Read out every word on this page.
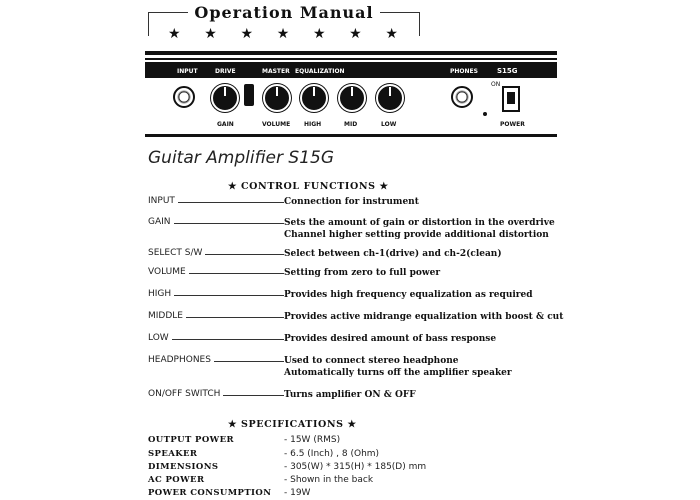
Operation Manual
★ ★ ★ ★ ★ ★ ★
INPUT	DRIVE	MASTER EQUALIZATION	PHONES	S15G
ON
GAIN	VOLUME HIGH	MID	LOW	POWER
Guitar Amplifier S15G
★ CONTROL FUNCTIONS ★
INPUT	Connection for instrument
GAIN	Sets the amount of gain or distortion in the overdrive
Channel higher setting provide additional distortion
SELECT S/W	Select between ch-1(drive) and ch-2(clean)
VOLUME	Setting from zero to full power
HIGH	Provides high frequency equalization as required
MIDDLE	Provides active midrange equalization with boost & cut
LOW	Provides desired amount of bass response
HEADPHONES	Used to connect stereo headphone
Automatically turns off the amplifier speaker
ON/OFF SWITCH	Turns amplifier ON & OFF
★ SPECIFICATIONS ★
OUTPUT POWER	- 15W (RMS)
SPEAKER	- 6.5 (Inch) , 8 (Ohm)
DIMENSIONS	- 305(W) * 315(H) * 185(D) mm
AC POWER	- Shown in the back
POWER CONSUMPTION - 19W
